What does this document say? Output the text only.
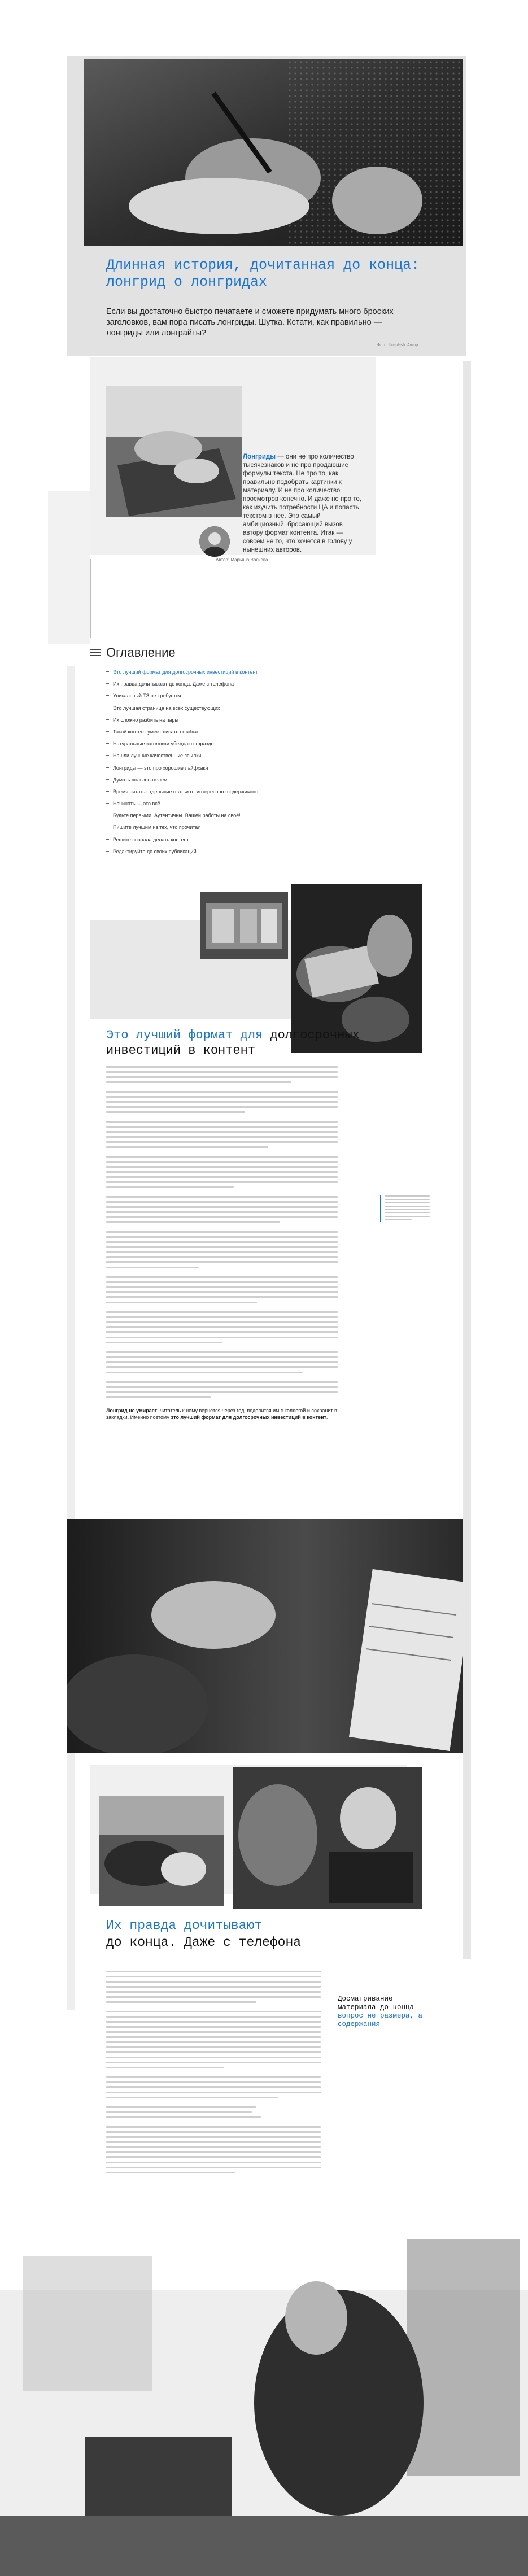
Длинная история, дочитанная до конца: лонгрид о лонгридах
Если вы достаточно быстро печатаете и сможете придумать много броских заголовков, вам пора писать лонгриды. Шутка. Кстати, как правильно — лонгриды или лонграйты?
Фото: Unsplash. Автор
Лонгриды — они не про количество тысячезнаков и не про продающие формулы текста. Не про то, как правильно подобрать картинки к материалу. И не про количество просмотров конечно. И даже не про то, как изучить потребности ЦА и попасть текстом в нее. Это самый амбициозный, бросающий вызов автору формат контента. Итак — совсем не то, что хочется в голову у нынешних авторов.
Автор: Марьяна Волкова
Оглавление
Это лучший формат для долгосрочных инвестиций в контент
Их правда дочитывают до конца. Даже с телефона
Уникальный ТЗ не требуется
Это лучшая страница на всех существующих
Их сложно разбить на пары
Такой контент умеет писать ошибки
Натуральные заголовки убеждают гораздо
Нашли лучшие качественные ссылки
Лонгриды — это про хорошие лайфхаки
Думать пользователем
Время читать отдельные статьи от интересного содержимого
Начинать — это всё
Будьте первыми. Аутентичны. Вашей работы на своё!
Пишите лучшим из тех, что прочитал
Решите сначала делать контент
Редактируйте до своих публикаций
Это лучший формат для долгосрочных
инвестиций в контент
Лонгрид не умирает: читатель к нему вернётся через год, поделится им с коллегой и сохранит в закладки. Именно поэтому это лучший формат для долгосрочных инвестиций в контент.
Их правда дочитывают
до конца. Даже с телефона
Досматривание материала до конца — вопрос не размера, а содержания
